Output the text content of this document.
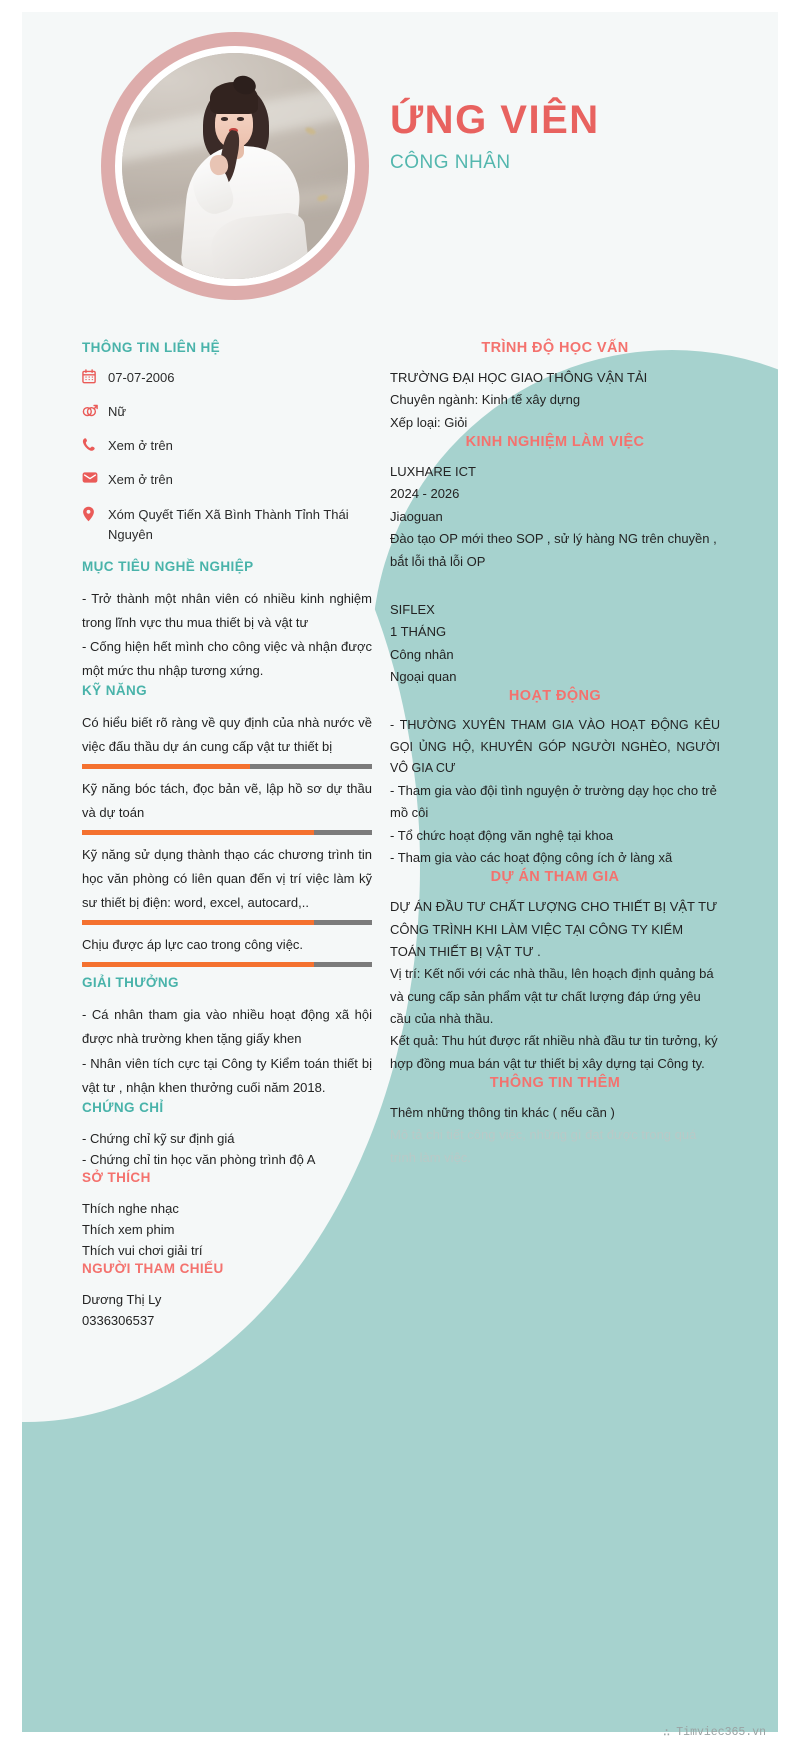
ỨNG VIÊN
CÔNG NHÂN
THÔNG TIN LIÊN HỆ
07-07-2006
Nữ
Xem ở trên
Xem ở trên
Xóm Quyết Tiến Xã Bình Thành Tỉnh Thái Nguyên
MỤC TIÊU NGHỀ NGHIỆP

- Trở thành một nhân viên có nhiều kinh nghiệm trong lĩnh vực thu mua thiết bị và vật tư

- Cống hiện hết mình cho công việc và nhận được một mức thu nhập tương xứng.

KỸ NĂNG

Có hiểu biết rõ ràng về quy định của nhà nước về việc đấu thầu dự án cung cấp vật tư thiết bị

Kỹ năng bóc tách, đọc bản vẽ, lập hồ sơ dự thầu và dự toán

Kỹ năng sử dụng thành thạo các chương trình tin học văn phòng có liên quan đến vị trí việc làm kỹ sư thiết bị điện: word, excel, autocard,..

Chịu được áp lực cao trong công việc.

GIẢI THƯỞNG

- Cá nhân tham gia vào nhiều hoạt động xã hội được nhà trường khen tặng giấy khen

- Nhân viên tích cực tại Công ty Kiểm toán thiết bị vật tư , nhận khen thưởng cuối năm 2018.

CHỨNG CHỈ

- Chứng chỉ kỹ sư định giá

- Chứng chỉ tin học văn phòng trình độ A

SỞ THÍCH

Thích nghe nhạc

Thích xem phim

Thích vui chơi giải trí

NGƯỜI THAM CHIẾU

Dương Thị Ly

0336306537

TRÌNH ĐỘ HỌC VẤN

TRƯỜNG ĐẠI HỌC GIAO THÔNG VẬN TẢI

Chuyên ngành: Kinh tế xây dựng

Xếp loại: Giỏi

KINH NGHIỆM LÀM VIỆC

LUXHARE ICT

2024 - 2026

Jiaoguan

Đào tạo OP mới theo SOP , sử lý hàng NG trên chuyền , bắt lỗi thả lỗi OP

SIFLEX

1 THÁNG

Công nhân

Ngoại quan

HOẠT ĐỘNG

- THƯỜNG XUYÊN THAM GIA VÀO HOẠT ĐỘNG KÊU GỌI ỦNG HỘ, KHUYÊN GÓP NGƯỜI NGHÈO, NGƯỜI VÔ GIA CƯ

- Tham gia vào đội tình nguyện ở trường dạy học cho trẻ mồ côi

- Tổ chức hoạt động văn nghệ tại khoa

- Tham gia vào các hoạt động công ích ở làng xã

DỰ ÁN THAM GIA

DỰ ÁN ĐẦU TƯ CHẤT LƯỢNG CHO THIẾT BỊ VẬT TƯ CÔNG TRÌNH KHI LÀM VIỆC TẠI CÔNG TY KIỂM TOÁN THIẾT BỊ VẬT TƯ .

Vị trí: Kết nối với các nhà thầu, lên hoạch định quảng bá và cung cấp sản phẩm vật tư chất lượng đáp ứng yêu cầu của nhà thầu.

Kết quả: Thu hút được rất nhiều nhà đầu tư tin tưởng, ký hợp đồng mua bán vật tư thiết bị xây dựng tại Công ty.

THÔNG TIN THÊM

Thêm những thông tin khác ( nếu cần )

Mô tả chi tiết công việc, những gì đạt được trong quá trình làm việc.

∴ Timviec365.vn
